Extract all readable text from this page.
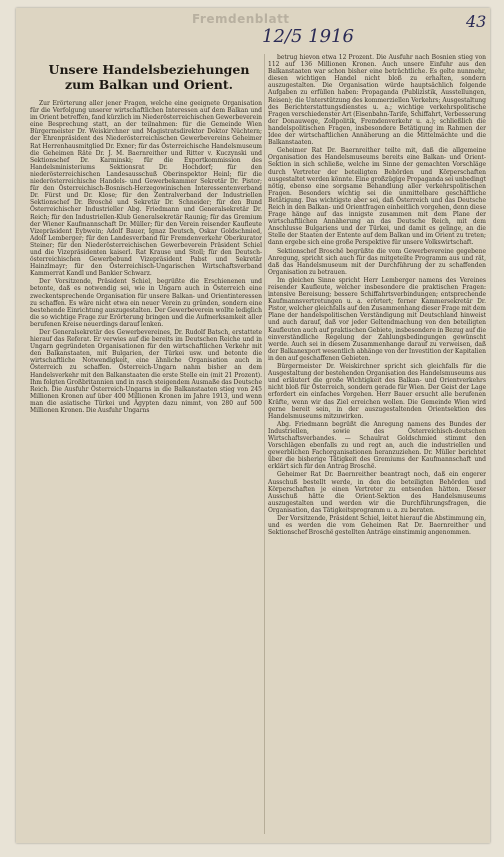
Fremdenblatt
12/5 1916
43
Unsere Handelsbeziehungen zum Balkan und Orient.

Zur Erörterung aller jener Fragen, welche eine geeignete Organisation für die Verfolgung unserer wirtschaftlichen Interessen auf dem Balkan und im Orient betreffen, fand kürzlich im Niederösterreichischen Gewerbeverein eine Besprechung statt, an der teilnahmen: für die Gemeinde Wien Bürgermeister Dr. Weiskirchner und Magistratsdirektor Doktor Nüchtern; der Ehrenpräsident des Niederösterreichischen Gewerbevereins Geheimer Rat Herrenhausmitglied Dr. Exner; für das Österreichische Handelsmuseum die Geheimen Räte Dr. J. M. Baernreither und Ritter v. Kuczynski und Sektionschef Dr. Karminski; für die Exportkommission des Handelsministeriums Sektionsrat Dr. Hochdorf; für den niederösterreichischen Landesausschuß Oberinspektor Heinl; für die niederösterreichische Handels- und Gewerbekammer Sekretär Dr. Pistor; für den Österreichisch-Bosnisch-Herzegowinischen Interessentenverband Dr. Fürst und Dr. Klose; für den Zentralverband der Industriellen Sektionschef Dr. Broschë und Sekretär Dr. Schneider; für den Bund Österreichischer Industrieller Abg. Friedmann und Generalsekretär Dr. Reich; für den Industriellen-Klub Generalsekretär Raunig; für das Gremium der Wiener Kaufmannschaft Dr. Müller; für den Verein reisender Kaufleute Vizepräsident Eybwein; Adolf Bauer, Ignaz Deutsch, Oskar Goldschmied, Adolf Lemberger; für den Landesverband für Fremdenverkehr Oberkurator Steiner; für den Niederösterreichischen Gewerbeverein Präsident Schiel und die Vizepräsidenten kaiserl. Rat Krause und Stoll; für den Deutsch-österreichischen Gewerbebund Vizepräsident Pabst und Sekretär Hainzlmayr; für den Österreichisch-Ungarischen Wirtschaftsverband Kammerrat Kandl und Bankier Schwarz.

Der Vorsitzende, Präsident Schiel, begrüßte die Erschienenen und betonte, daß es notwendig sei, wie in Ungarn auch in Österreich eine zweckentsprechende Organisation für unsere Balkan- und Orientinteressen zu schaffen. Es wäre nicht etwa ein neuer Verein zu gründen, sondern eine bestehende Einrichtung auszugestalten. Der Gewerbeverein wollte lediglich die so wichtige Frage zur Erörterung bringen und die Aufmerksamkeit aller berufenen Kreise neuerdings darauf lenken.

Der Generalsekretär des Gewerbevereines, Dr. Rudolf Batsch, erstattete hierauf das Referat. Er verwies auf die bereits im Deutschen Reiche und in Ungarn gegründeten Organisationen für den wirtschaftlichen Verkehr mit den Balkanstaaten, mit Bulgarien, der Türkei usw. und betonte die wirtschaftliche Notwendigkeit, eine ähnliche Organisation auch in Österreich zu schaffen. Österreich-Ungarn nahm bisher an dem Handelsverkehr mit den Balkanstaaten die erste Stelle ein (mit 21 Prozent). Ihm folgten Großbritannien und in rasch steigendem Ausmaße das Deutsche Reich. Die Ausfuhr Österreich-Ungarns in die Balkanstaaten stieg von 245 Millionen Kronen auf über 400 Millionen Kronen im Jahre 1913, und wenn man die asiatische Türkei und Ägypten dazu nimmt, von 280 auf 500 Millionen Kronen. Die Ausfuhr Ungarns

betrug hievon etwa 12 Prozent. Die Ausfuhr nach Bosnien stieg von 112 auf 136 Millionen Kronen. Auch unsere Einfuhr aus den Balkanstaaten war schon bisher eine beträchtliche. Es gelte nunmehr, diesen wichtigen Handel nicht bloß zu erhalten, sondern auszugestalten. Die Organisation würde hauptsächlich folgende Aufgaben zu erfüllen haben: Propaganda (Publizistik, Ausstellungen, Reisen); die Unterstützung des kommerziellen Verkehrs; Ausgestaltung des Berichterstattungsdienstes u. a.; wichtige verkehrspolitische Fragen verschiedenster Art (Eisenbahn-Tarife, Schiffahrt, Verbesserung der Donauwege, Zollpolitik, Fremdenverkehr u. a.); schließlich die handelspolitischen Fragen, insbesondere Betätigung im Rahmen der Idee der wirtschaftlichen Annäherung an die Mittelmächte und die Balkanstaaten.

Geheimer Rat Dr. Baernreither teilte mit, daß die allgemeine Organisation des Handelsmuseums bereits eine Balkan- und Orient-Sektion in sich schließe, welche im Sinne der gemachten Vorschläge durch Vertreter der beteiligten Behörden und Körperschaften ausgestaltet werden könnte. Eine großzügige Propaganda sei unbedingt nötig, ebenso eine sorgsame Behandlung aller verkehrspolitischen Fragen. Besonders wichtig sei die unmittelbare geschäftliche Betätigung. Das wichtigste aber sei, daß Österreich und das Deutsche Reich in den Balkan- und Orientfragen einheitlich vorgehen, denn diese Frage hänge auf das innigste zusammen mit dem Plane der wirtschaftlichen Annäherung an das Deutsche Reich, mit dem Anschlusse Bulgariens und der Türkei, und damit es gelinge, an die Stelle der Staaten der Entente auf dem Balkan und im Orient zu treten; dann ergebe sich eine große Perspektive für unsere Volkswirtschaft.

Sektionschef Broschë begrüßte die vom Gewerbevereine gegebene Anregung, spricht sich auch für das mitgeteilte Programm aus und rät, daß das Handelsmuseum mit der Durchführung der zu schaffenden Organisation zu betrauen.

Im gleichen Sinne spricht Herr Lemberger namens des Vereines reisender Kaufleute, welcher insbesondere die praktischen Fragen: intensive Bereisung; bessere Schiffahrtsverbindungen; entsprechende Kaufmannsvertretungen u. a. erörtert; ferner Kammersekretär Dr. Pistor, welcher gleichfalls auf den Zusammenhang dieser Frage mit dem Plane der handelspolitischen Verständigung mit Deutschland hinweist und auch darauf, daß vor jeder Geltendmachung von den beteiligten Kaufleuten auch auf praktischen Gebiete, insbesondere in Bezug auf die einverständliche Regelung der Zahlungsbedingungen gewünscht werde. Auch sei in diesem Zusammenhange darauf zu verweisen, daß der Balkanexport wesentlich abhänge von der Investition der Kapitalien in den auf geschaffenen Gebieten.

Bürgermeister Dr. Weiskirchner spricht sich gleichfalls für die Ausgestaltung der bestehenden Organisation des Handelsmuseums aus und erläutert die große Wichtigkeit des Balkan- und Orientverkehrs nicht bloß für Österreich, sondern gerade für Wien. Der Geist der Lage erfordert ein einfaches Vorgehen. Herr Bauer ersucht alle berufenen Kräfte, wenn wir das Ziel erreichen wollen. Die Gemeinde Wien wird gerne bereit sein, in der auszugestaltenden Orientsektion des Handelsmuseums mitzuwirken.

Abg. Friedmann begrüßt die Anregung namens des Bundes der Industriellen, sowie des Österreichisch-deutschen Wirtschaftsverbandes. — Schaulrat Goldschmied stimmt den Vorschlägen ebenfalls zu und regt an, auch die industriellen und gewerblichen Fachorganisationen heranzuziehen. Dr. Müller berichtet über die bisherige Tätigkeit des Gremiums der Kaufmannschaft und erklärt sich für den Antrag Broschë.

Geheimer Rat Dr. Baernreither beantragt noch, daß ein engerer Ausschuß bestellt werde, in den die beteiligten Behörden und Körperschaften je einen Vertreter zu entsenden hätten. Dieser Ausschuß hätte die Orient-Sektion des Handelsmuseums auszugestalten und werden wir die Durchführungsfragen, die Organisation, das Tätigkeitsprogramm u. a. zu beraten.

Der Vorsitzende, Präsident Schiel, leitet hierauf die Abstimmung ein, und es werden die vom Geheimen Rat Dr. Baernreither und Sektionschef Broschë gestellten Anträge einstimmig angenommen.
